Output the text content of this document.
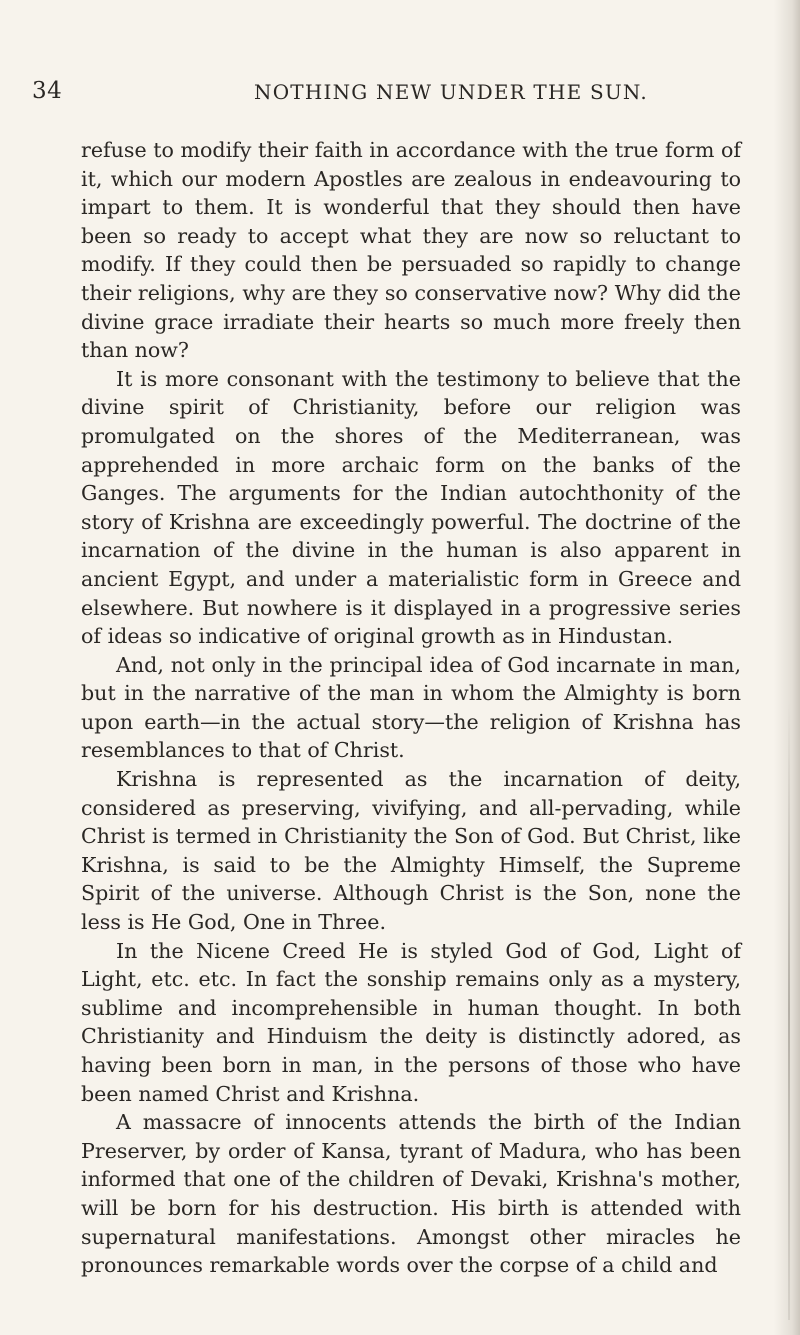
34	NOTHING NEW UNDER THE SUN.

refuse to modify their faith in accordance with the true form of it, which our modern Apostles are zealous in endeavouring to impart to them. It is wonderful that they should then have been so ready to accept what they are now so reluctant to modify. If they could then be persuaded so rapidly to change their religions, why are they so conservative now? Why did the divine grace irradiate their hearts so much more freely then than now?

It is more consonant with the testimony to believe that the divine spirit of Christianity, before our religion was promulgated on the shores of the Mediterranean, was apprehended in more archaic form on the banks of the Ganges. The arguments for the Indian autochthonity of the story of Krishna are exceedingly powerful. The doctrine of the incarnation of the divine in the human is also apparent in ancient Egypt, and under a materialistic form in Greece and elsewhere. But nowhere is it displayed in a progressive series of ideas so indicative of original growth as in Hindustan.

And, not only in the principal idea of God incarnate in man, but in the narrative of the man in whom the Almighty is born upon earth—in the actual story—the religion of Krishna has resemblances to that of Christ.

Krishna is represented as the incarnation of deity, considered as preserving, vivifying, and all-pervading, while Christ is termed in Christianity the Son of God. But Christ, like Krishna, is said to be the Almighty Himself, the Supreme Spirit of the universe. Although Christ is the Son, none the less is He God, One in Three.

In the Nicene Creed He is styled God of God, Light of Light, etc. etc. In fact the sonship remains only as a mystery, sublime and incomprehensible in human thought. In both Christianity and Hinduism the deity is distinctly adored, as having been born in man, in the persons of those who have been named Christ and Krishna.

A massacre of innocents attends the birth of the Indian Preserver, by order of Kansa, tyrant of Madura, who has been informed that one of the children of Devaki, Krishna's mother, will be born for his destruction. His birth is attended with supernatural manifestations. Amongst other miracles he pronounces remarkable words over the corpse of a child and
